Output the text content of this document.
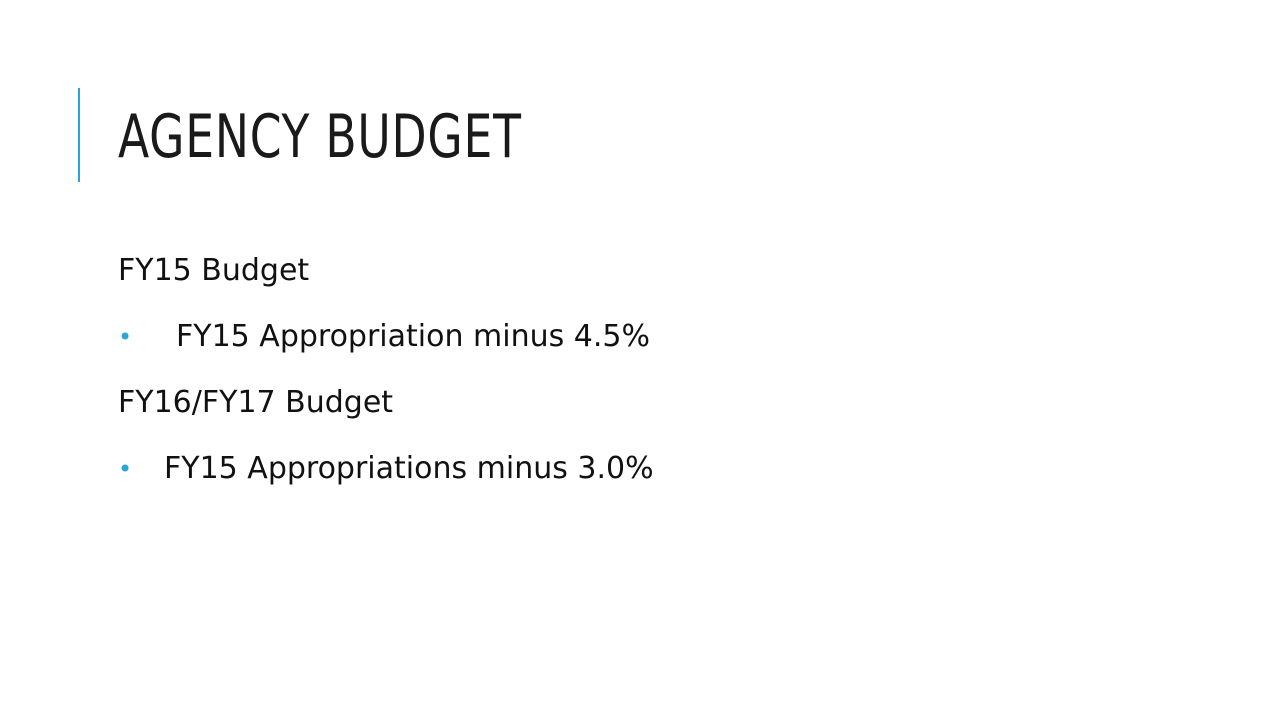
AGENCY BUDGET
FY15 Budget
• FY15 Appropriation minus 4.5%
FY16/FY17 Budget
• FY15 Appropriations minus 3.0%
